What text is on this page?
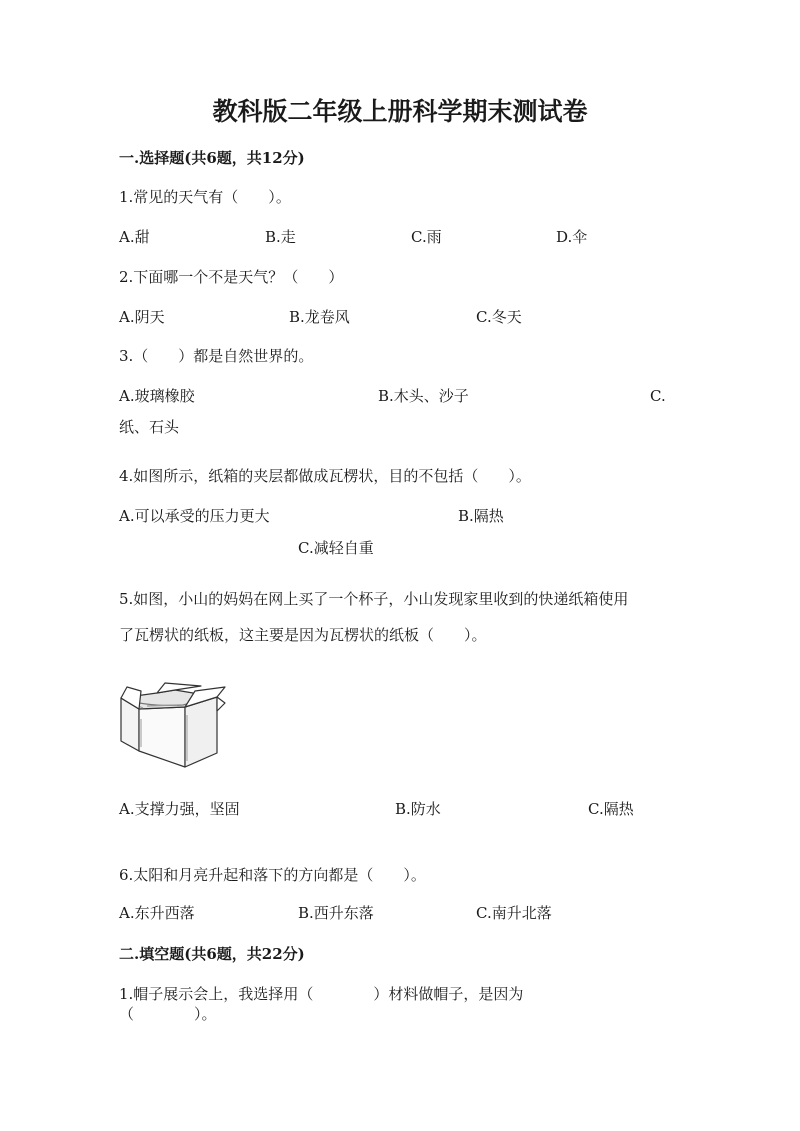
教科版二年级上册科学期末测试卷
一.选择题(共6题，共12分)
1.常见的天气有（　　）。
A.甜	B.走	C.雨	D.伞
2.下面哪一个不是天气？（　　）
A.阴天	B.龙卷风	C.冬天
3.（　　）都是自然世界的。
A.玻璃橡胶	B.木头、沙子	C.
纸、石头
4.如图所示，纸箱的夹层都做成瓦楞状，目的不包括（　　）。
A.可以承受的压力更大	B.隔热
C.减轻自重
5.如图，小山的妈妈在网上买了一个杯子，小山发现家里收到的快递纸箱使用
了瓦楞状的纸板，这主要是因为瓦楞状的纸板（　　）。
A.支撑力强，坚固	B.防水	C.隔热
6.太阳和月亮升起和落下的方向都是（　　）。
A.东升西落	B.西升东落	C.南升北落
二.填空题(共6题，共22分)
1.帽子展示会上，我选择用（　　　　）材料做帽子，是因为
（　　　　）。
